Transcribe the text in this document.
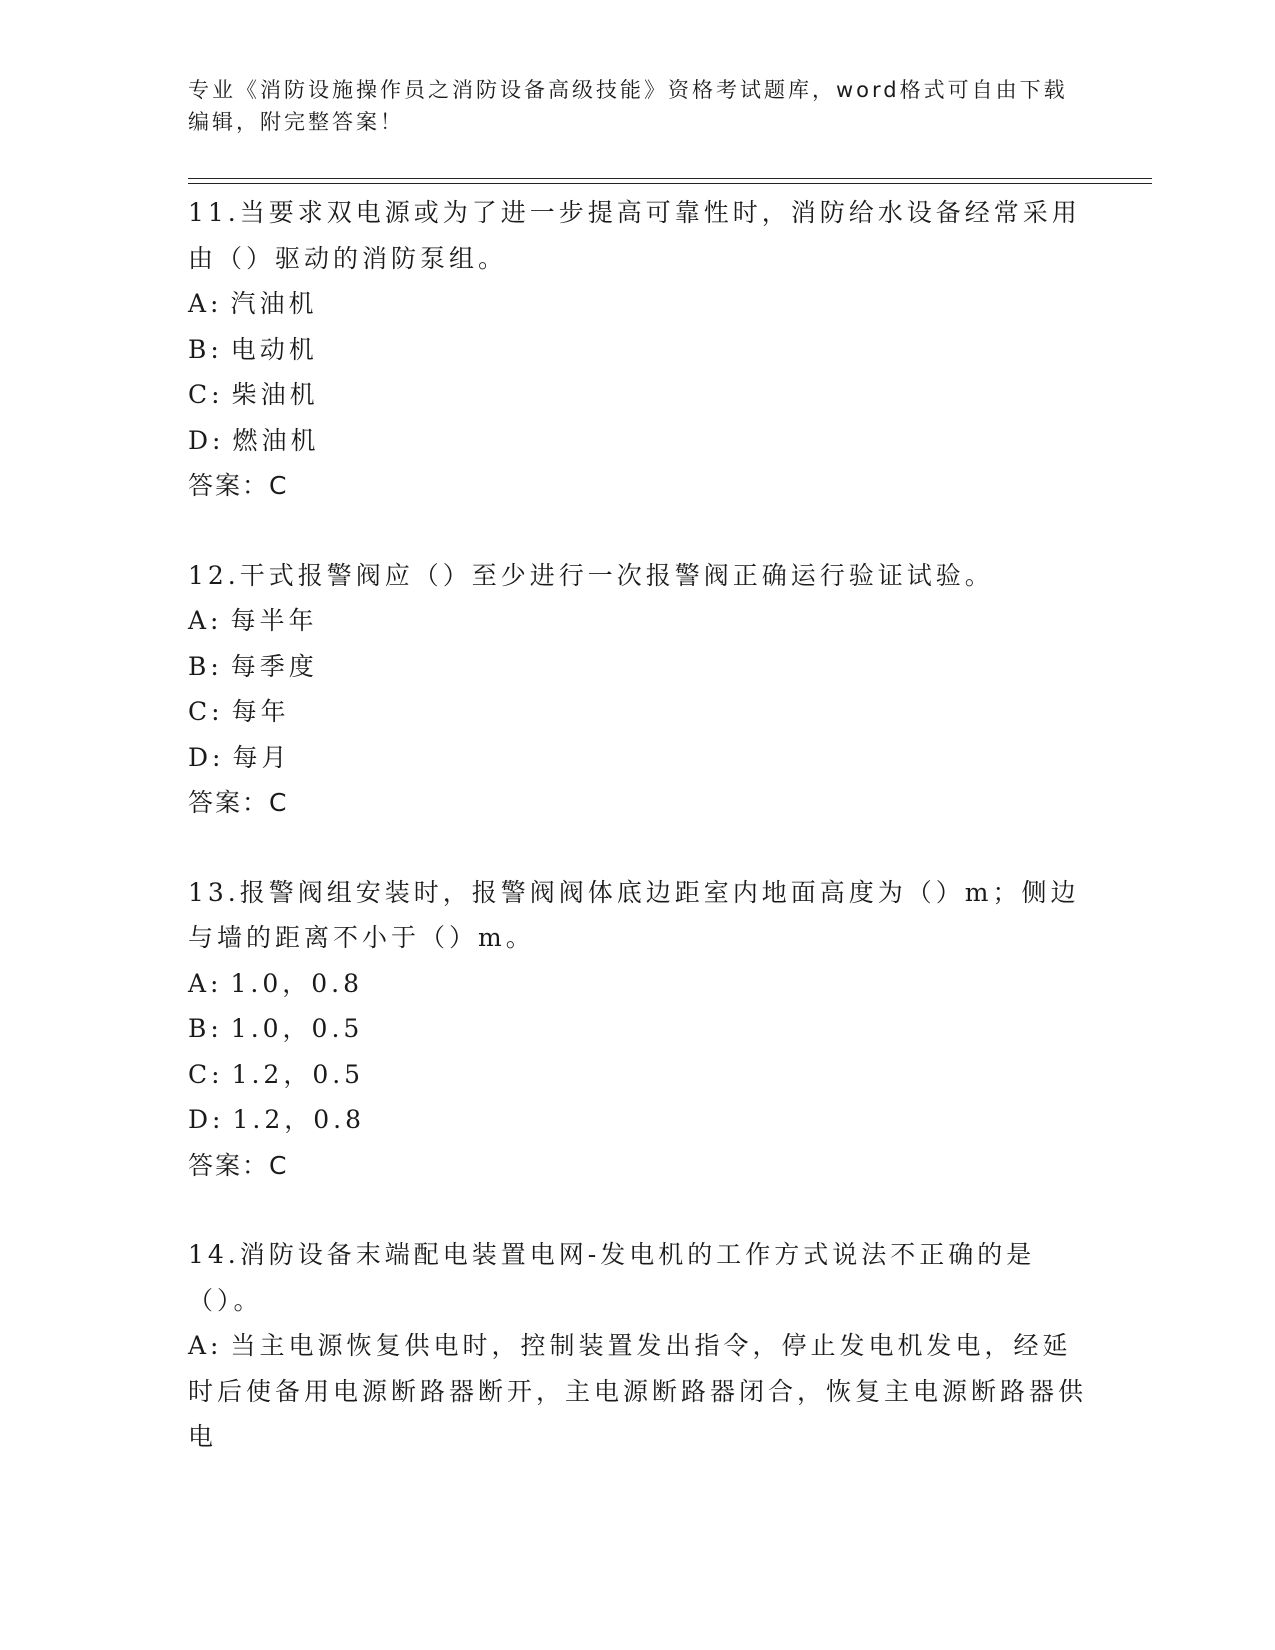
专业《消防设施操作员之消防设备高级技能》资格考试题库，word格式可自由下载编辑，附完整答案！

11.当要求双电源或为了进一步提高可靠性时，消防给水设备经常采用由（）驱动的消防泵组。

A: 汽油机

B: 电动机

C: 柴油机

D: 燃油机

答案：C

12.干式报警阀应（）至少进行一次报警阀正确运行验证试验。

A: 每半年

B: 每季度

C: 每年

D: 每月

答案：C

13.报警阀组安装时，报警阀阀体底边距室内地面高度为（）m；侧边与墙的距离不小于（）m。

A: 1.0，0.8

B: 1.0，0.5

C: 1.2，0.5

D: 1.2，0.8

答案：C

14.消防设备末端配电装置电网-发电机的工作方式说法不正确的是（）。

A: 当主电源恢复供电时，控制装置发出指令，停止发电机发电，经延时后使备用电源断路器断开，主电源断路器闭合，恢复主电源断路器供电
